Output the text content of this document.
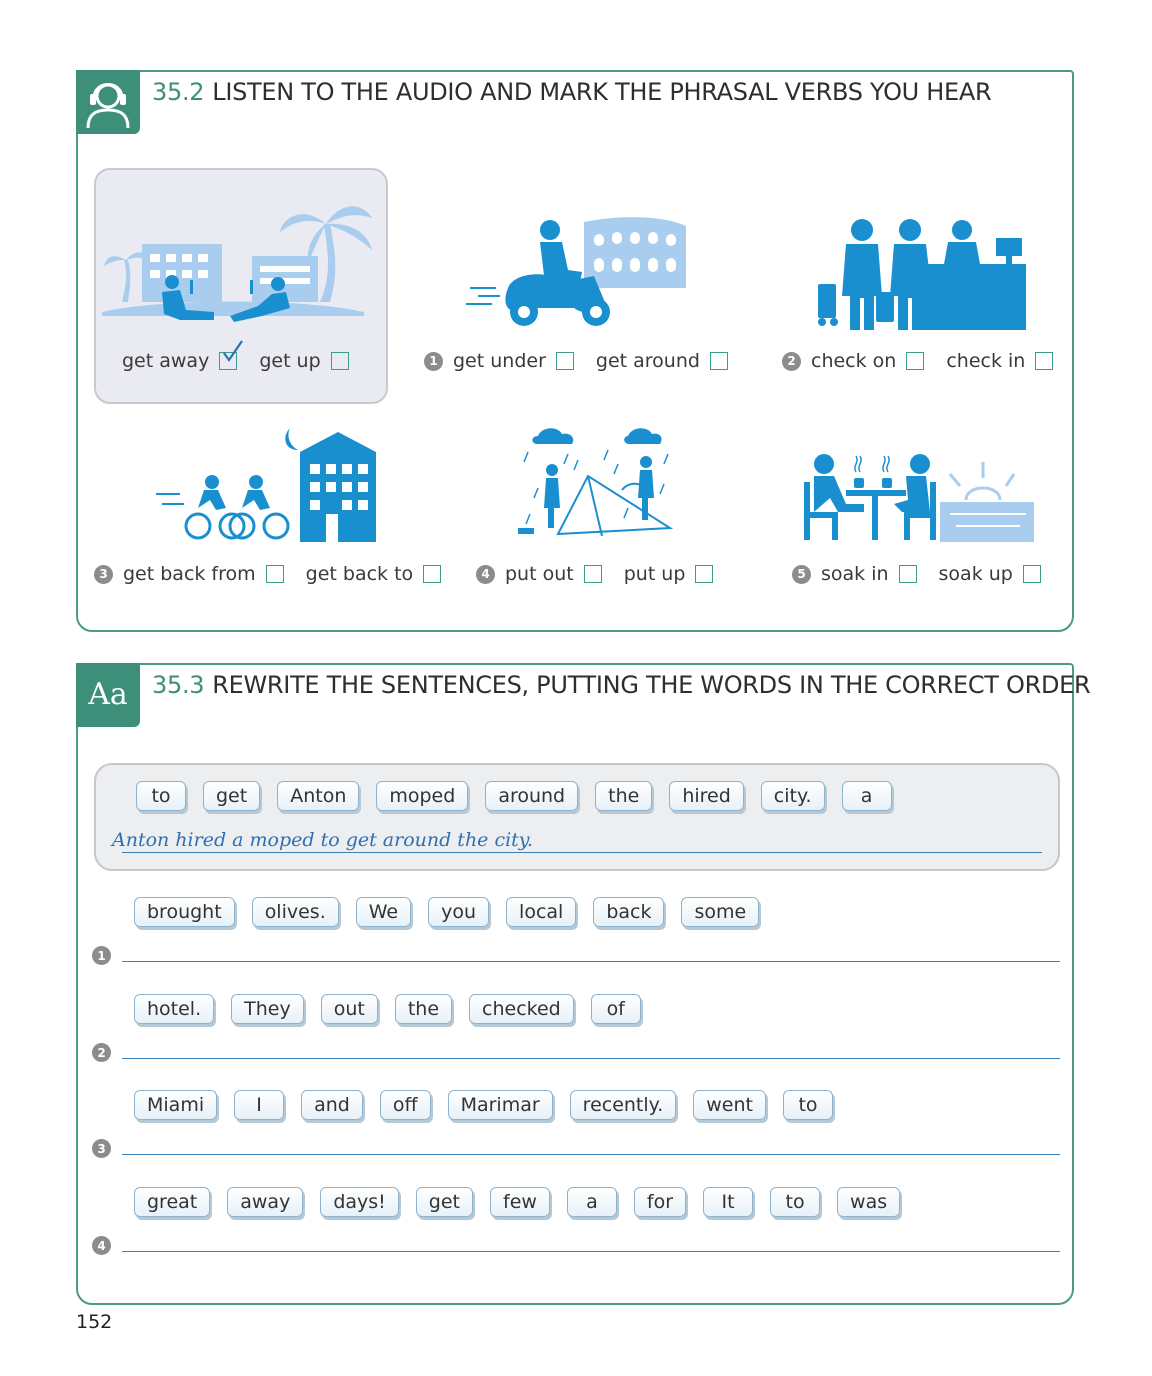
35.2 LISTEN TO THE AUDIO AND MARK THE PHRASAL VERBS YOU HEAR
get away	get up	1 get under	get around	2 check on	check in
3 get back from	get back to	4 put out	put up	5 soak in	soak up
Aa	35.3 REWRITE THE SENTENCES, PUTTING THE WORDS IN THE CORRECT ORDER
to	get	Anton	moped	around	the	hired	city.	a
Anton hired a moped to get around the city.
brought	olives.	We	you	local	back	some
1
hotel.	They	out	the	checked	of
2
Miami	I	and	off	Marimar	recently.	went	to
3
great	away	days!	get	few	a	for	It	to	was
4
152
